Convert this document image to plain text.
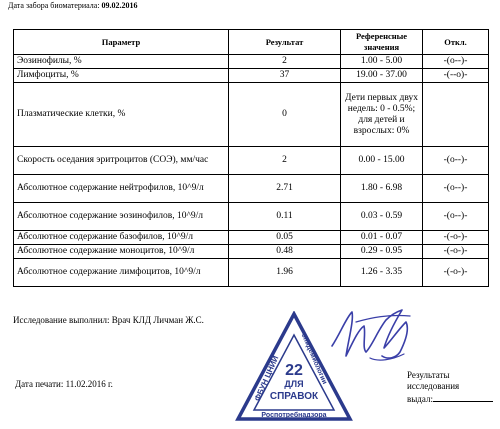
Дата забора биоматериала: 09.02.2016
Параметр	Результат	Референсные значения	Откл.
Эозинофилы, %	2	1.00 - 5.00	-(o--)-
Лимфоциты, %	37	19.00 - 37.00	-(--o)-
Плазматические клетки, %	0	Дети первых двух недель: 0 - 0.5%;
для детей и взрослых: 0%	
Скорость оседания эритроцитов (СОЭ), мм/час	2	0.00 - 15.00	-(o--)-
Абсолютное содержание нейтрофилов, 10^9/л	2.71	1.80 - 6.98	-(o--)-
Абсолютное содержание эозинофилов, 10^9/л	0.11	0.03 - 0.59	-(o--)-
Абсолютное содержание базофилов, 10^9/л	0.05	0.01 - 0.07	-(-o-)-
Абсолютное содержание моноцитов, 10^9/л	0.48	0.29 - 0.95	-(-o-)-
Абсолютное содержание лимфоцитов, 10^9/л	1.96	1.26 - 3.35	-(-o-)-
Исследование выполнил: Врач КЛД Личман Ж.С.
Дата печати: 11.02.2016 г.
Результаты
исследования
выдал:
ФБУН ЦНИИ
эпидемиологии
22
ДЛЯ
СПРАВОК
Роспотребнадзора
